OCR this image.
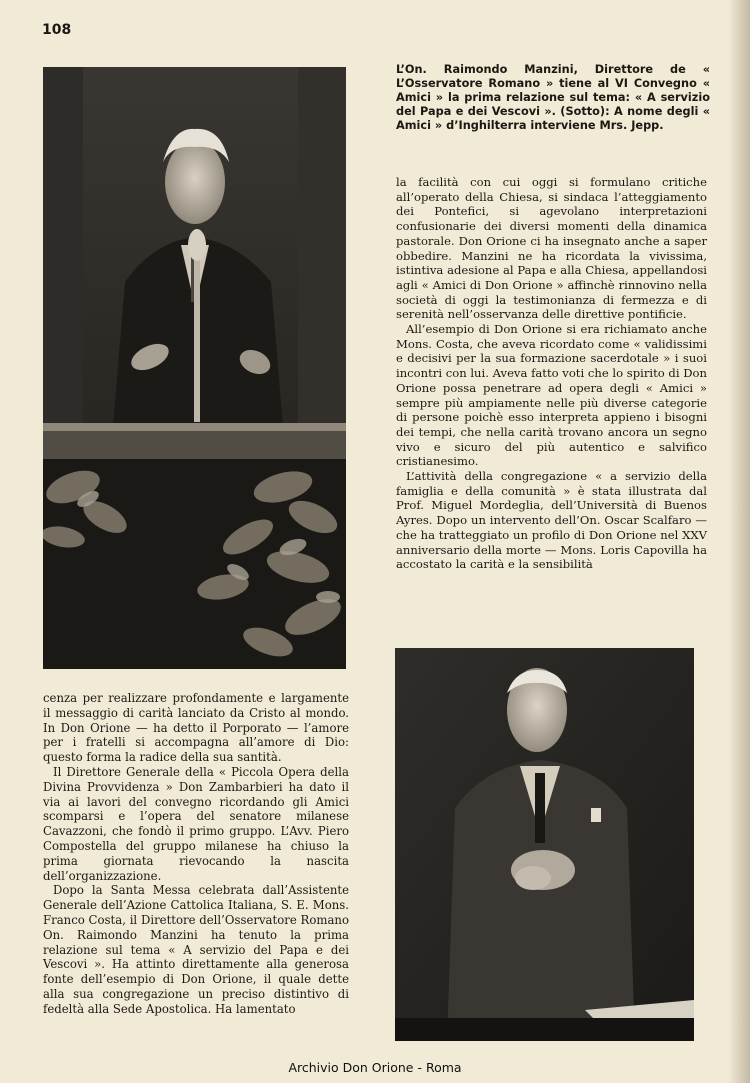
108
L’On. Raimondo Manzini, Direttore de « L’Osservatore Romano » tiene al VI Convegno « Amici » la prima relazione sul tema: « A servizio del Papa e dei Vescovi ». (Sotto): A nome degli « Amici » d’Inghilterra interviene Mrs. Jepp.

la facilità con cui oggi si formulano critiche all’operato della Chiesa, si sindaca l’atteggiamento dei Pontefici, si agevolano interpretazioni confusionarie dei diversi momenti della dinamica pastorale. Don Orione ci ha insegnato anche a saper obbedire. Manzini ne ha ricordata la vivissima, istintiva adesione al Papa e alla Chiesa, appellandosi agli « Amici di Don Orione » affinchè rinnovino nella società di oggi la testimonianza di fermezza e di serenità nell’osservanza delle direttive pontificie.

All’esempio di Don Orione si era richiamato anche Mons. Costa, che aveva ricordato come « validissimi e decisivi per la sua formazione sacerdotale » i suoi incontri con lui. Aveva fatto voti che lo spirito di Don Orione possa penetrare ad opera degli « Amici » sempre più ampiamente nelle più diverse categorie di persone poichè esso interpreta appieno i bisogni dei tempi, che nella carità trovano ancora un segno vivo e sicuro del più autentico e salvifico cristianesimo.

L’attività della congregazione « a servizio della famiglia e della comunità » è stata illustrata dal Prof. Miguel Mordeglia, dell’Università di Buenos Ayres. Dopo un intervento dell’On. Oscar Scalfaro — che ha tratteggiato un profilo di Don Orione nel XXV anniversario della morte — Mons. Loris Capovilla ha accostato la carità e la sensibilità

cenza per realizzare profondamente e largamente il messaggio di carità lanciato da Cristo al mondo. In Don Orione — ha detto il Porporato — l’amore per i fratelli si accompagna all’amore di Dio: questo forma la radice della sua santità.

Il Direttore Generale della « Piccola Opera della Divina Provvidenza » Don Zambarbieri ha dato il via ai lavori del convegno ricordando gli Amici scomparsi e l’opera del senatore milanese Cavazzoni, che fondò il primo gruppo. L’Avv. Piero Compostella del gruppo milanese ha chiuso la prima giornata rievocando la nascita dell’organizzazione.

Dopo la Santa Messa celebrata dall’Assistente Generale dell’Azione Cattolica Italiana, S. E. Mons. Franco Costa, il Direttore dell’Osservatore Romano On. Raimondo Manzini ha tenuto la prima relazione sul tema « A servizio del Papa e dei Vescovi ». Ha attinto direttamente alla generosa fonte dell’esempio di Don Orione, il quale dette alla sua congregazione un preciso distintivo di fedeltà alla Sede Apostolica. Ha lamentato

Archivio Don Orione - Roma
